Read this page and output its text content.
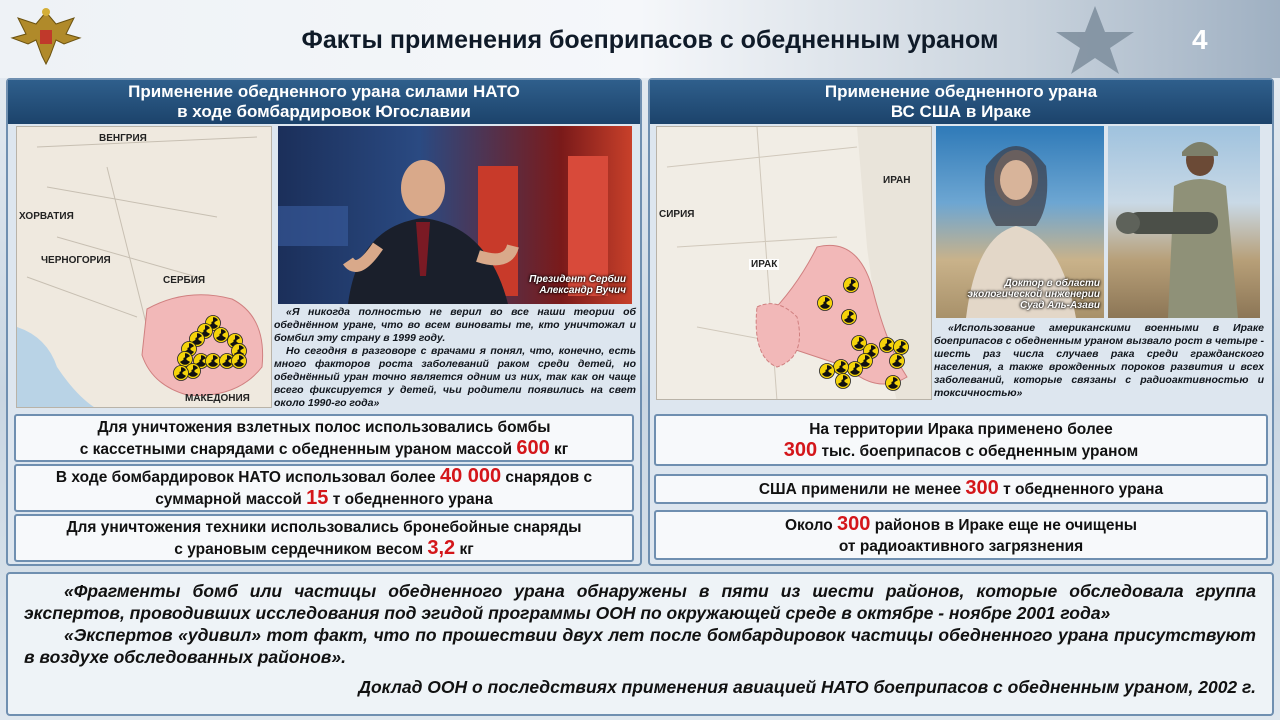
Факты применения боеприпасов с обедненным ураном	4
Применение обедненного урана силами НАТО
в ходе бомбардировок Югославии
ВЕНГРИЯ
ХОРВАТИЯ
ЧЕРНОГОРИЯ
СЕРБИЯ
МАКЕДОНИЯ
Президент Сербии
Александр Вучич

«Я никогда полностью не верил во все наши теории об обеднённом уране, что во всем виноваты те, кто уничтожал и бомбил эту страну в 1999 году.

Но сегодня в разговоре с врачами я понял, что, конечно, есть много факторов роста заболеваний раком среди детей, но обеднённый уран точно является одним из них, так как он чаще всего фиксируется у детей, чьи родители появились на свет около 1990-го года»

Для уничтожения взлетных полос использовались бомбы
с кассетными снарядами с обедненным ураном массой 600 кг
В ходе бомбардировок НАТО использовал более 40 000 снарядов с
суммарной массой 15 т обедненного урана
Для уничтожения техники использовались бронебойные снаряды
с урановым сердечником весом 3,2 кг
Применение обедненного урана
ВС США в Ираке
СИРИЯ
ИРАН
ИРАК
Доктор в области
экологической инженерии
Суад Аль-Азави
«Использование американскими военными в Ираке боеприпасов с обедненным ураном вызвало рост в четыре - шесть раз числа случаев рака среди гражданского населения, а также врожденных пороков развития и всех заболеваний, которые связаны с радиоактивностью и токсичностью»
На территории Ирака применено более
300 тыс. боеприпасов с обедненным ураном
США применили не менее 300 т обедненного урана
Около 300 районов в Ираке еще не очищены
от радиоактивного загрязнения

«Фрагменты бомб или частицы обедненного урана обнаружены в пяти из шести районов, которые обследовала группа экспертов, проводивших исследования под эгидой программы ООН по окружающей среде в октябре - ноябре 2001 года»

«Экспертов «удивил» тот факт, что по прошествии двух лет после бомбардировок частицы обедненного урана присутствуют в воздухе обследованных районов».

Доклад ООН о последствиях применения авиацией НАТО боеприпасов с обедненным ураном, 2002 г.
